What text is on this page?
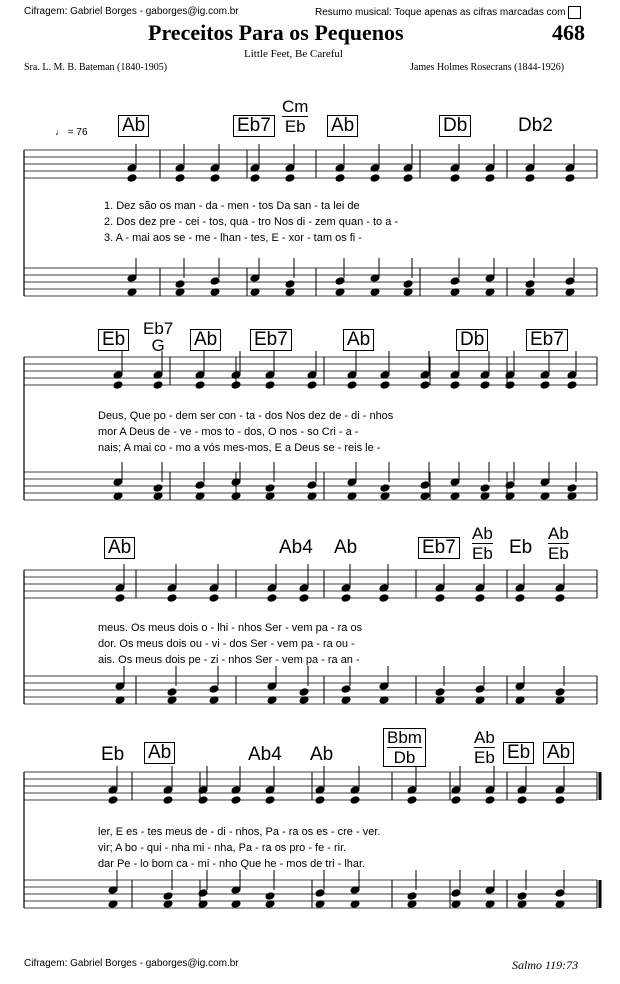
Cifragem: Gabriel Borges - gaborges@ig.com.br	Resumo musical: Toque apenas as cifras marcadas com
Preceitos Para os Pequenos	468
Little Feet, Be Careful
Sra. L. M. B. Bateman (1840-1905)	James Holmes Rosecrans (1844-1926)
𝄞 ♭
♭
♭
♭ 2
4
𝄢 ♭
♭
♭
♭ 2
4
𝄞 ♭
♭
♭
♭
𝄢 ♭
♭
♭
♭
𝄞 ♭
♭
♭
♭
𝄢 ♭
♭
♭
♭
𝄞 ♭
♭
♭
♭
𝄢 ♭
♭
♭
♭
♩ = 76 Ab	Eb7
Cm
Eb Ab	Db	Db2
1. Dez são os man - da - men - tos Da san - ta lei de
2. Dos dez pre - cei - tos, qua - tro Nos di - zem quan - to a -
3. A - mai aos se - me - lhan - tes, E - xor - tam os fi -
Eb
Eb7
G Ab Eb7	Ab	Db Eb7
Deus, Que po - dem ser con - ta - dos Nos dez de - di - nhos
mor A Deus de - ve - mos to - dos, O nos - so Cri - a -
nais; A mai co - mo a vós mes-mos, E a Deus se - reis le -
Ab	Ab4 Ab	Eb7
Ab
Eb Eb
Ab
Eb
meus. Os meus dois o - lhi - nhos Ser - vem pa - ra os
dor. Os meus dois ou - vi - dos Ser - vem pa - ra ou -
ais. Os meus dois pe - zi - nhos Ser - vem pa - ra an -
Eb Ab	Ab4 Ab
Bbm
Db
Ab
Eb Eb Ab
ler, E es - tes meus de - di - nhos, Pa - ra os es - cre - ver.
vir; A bo - qui - nha mi - nha, Pa - ra os pro - fe - rir.
dar Pe - lo bom ca - mi - nho Que he - mos de tri - lhar.
Cifragem: Gabriel Borges - gaborges@ig.com.br	Salmo 119:73
